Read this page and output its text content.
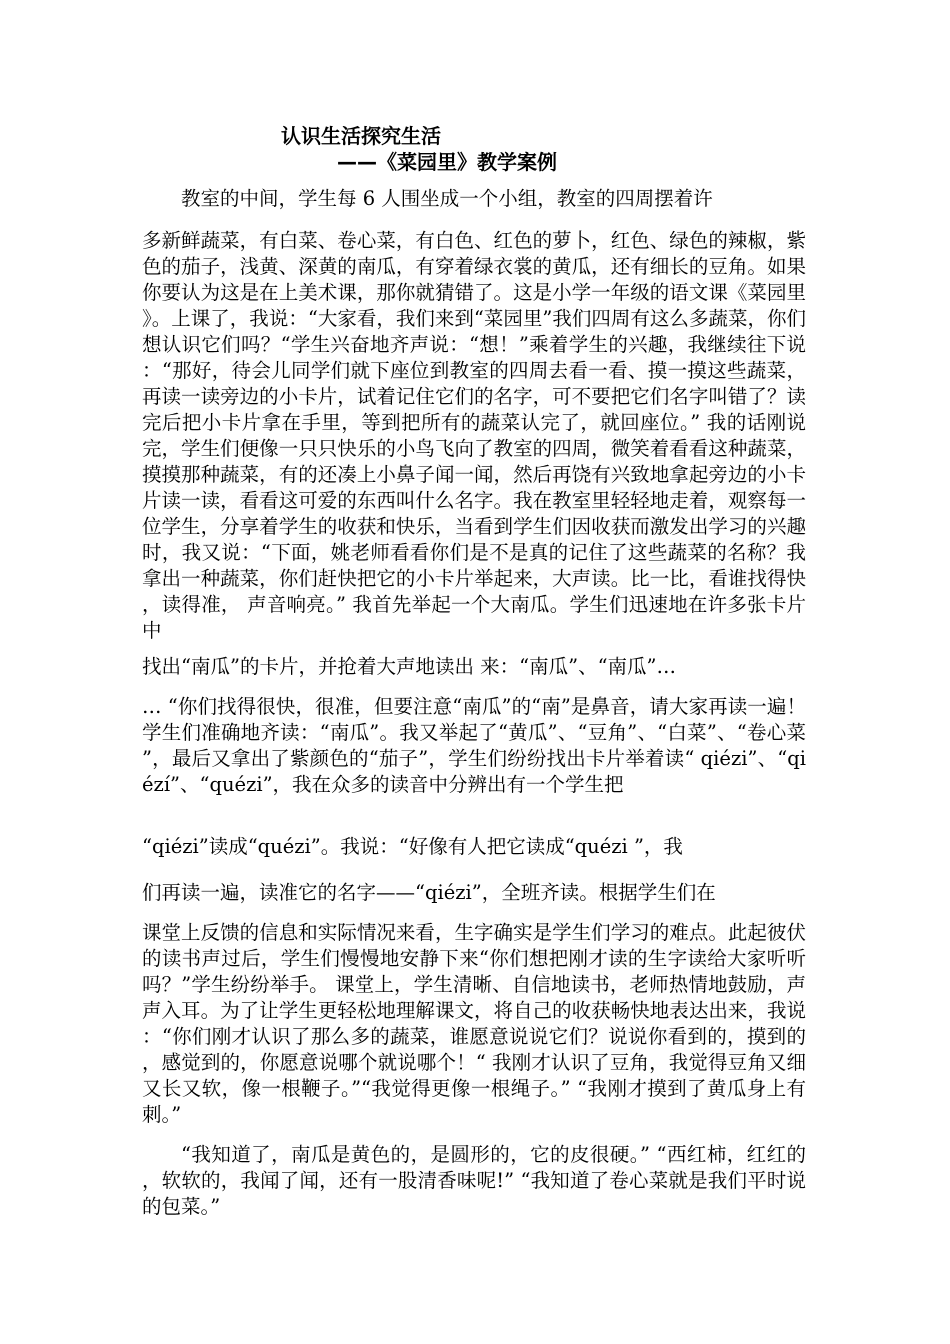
认识生活探究生活
——《菜园里》教学案例
教室的中间，学生每 6 人围坐成一个小组，教室的四周摆着许
多新鲜蔬菜，有白菜、卷心菜，有白色、红色的萝卜，红色、绿色的辣椒，紫色的茄子，浅黄、深黄的南瓜，有穿着绿衣裳的黄瓜，还有细长的豆角。如果你要认为这是在上美术课，那你就猜错了。这是小学一年级的语文课《菜园里》。上课了，我说：“大家看，我们来到“菜园里”我们四周有这么多蔬菜，你们想认识它们吗？“学生兴奋地齐声说：“想！”乘着学生的兴趣，我继续往下说：“那好，待会儿同学们就下座位到教室的四周去看一看、摸一摸这些蔬菜，再读一读旁边的小卡片，试着记住它们的名字，可不要把它们名字叫错了？读完后把小卡片拿在手里，等到把所有的蔬菜认完了，就回座位。” 我的话刚说完，学生们便像一只只快乐的小鸟飞向了教室的四周，微笑着看看这种蔬菜，摸摸那种蔬菜，有的还凑上小鼻子闻一闻，然后再饶有兴致地拿起旁边的小卡片读一读，看看这可爱的东西叫什么名字。我在教室里轻轻地走着，观察每一位学生，分享着学生的收获和快乐，当看到学生们因收获而激发出学习的兴趣时，我又说：“下面，姚老师看看你们是不是真的记住了这些蔬菜的名称？我拿出一种蔬菜，你们赶快把它的小卡片举起来，大声读。比一比，看谁找得快，读得准， 声音响亮。” 我首先举起一个大南瓜。学生们迅速地在许多张卡片中
找出“南瓜”的卡片，并抢着大声地读出 来：“南瓜”、“南瓜”…
… “你们找得很快，很准，但要注意“南瓜”的“南”是鼻音，请大家再读一遍！ 学生们准确地齐读：“南瓜”。我又举起了“黄瓜”、“豆角”、“白菜”、“卷心菜”，最后又拿出了紫颜色的“茄子”，学生们纷纷找出卡片举着读“ qiézi”、“qiézí”、“quézi”，我在众多的读音中分辨出有一个学生把
“qiézi”读成“quézi”。我说：“好像有人把它读成“quézi ”，我
们再读一遍，读准它的名字——“qiézi”，全班齐读。根据学生们在
课堂上反馈的信息和实际情况来看，生字确实是学生们学习的难点。此起彼伏的读书声过后，学生们慢慢地安静下来“你们想把刚才读的生字读给大家听听吗？”学生纷纷举手。 课堂上，学生清晰、自信地读书，老师热情地鼓励，声声入耳。为了让学生更轻松地理解课文，将自己的收获畅快地表达出来，我说：“你们刚才认识了那么多的蔬菜，谁愿意说说它们？说说你看到的，摸到的，感觉到的，你愿意说哪个就说哪个！“ 我刚才认识了豆角，我觉得豆角又细又长又软，像一根鞭子。”“我觉得更像一根绳子。” “我刚才摸到了黄瓜身上有刺。”
“我知道了，南瓜是黄色的，是圆形的，它的皮很硬。” “西红柿，红红的，软软的，我闻了闻，还有一股清香味呢!” “我知道了卷心菜就是我们平时说的包菜。”
